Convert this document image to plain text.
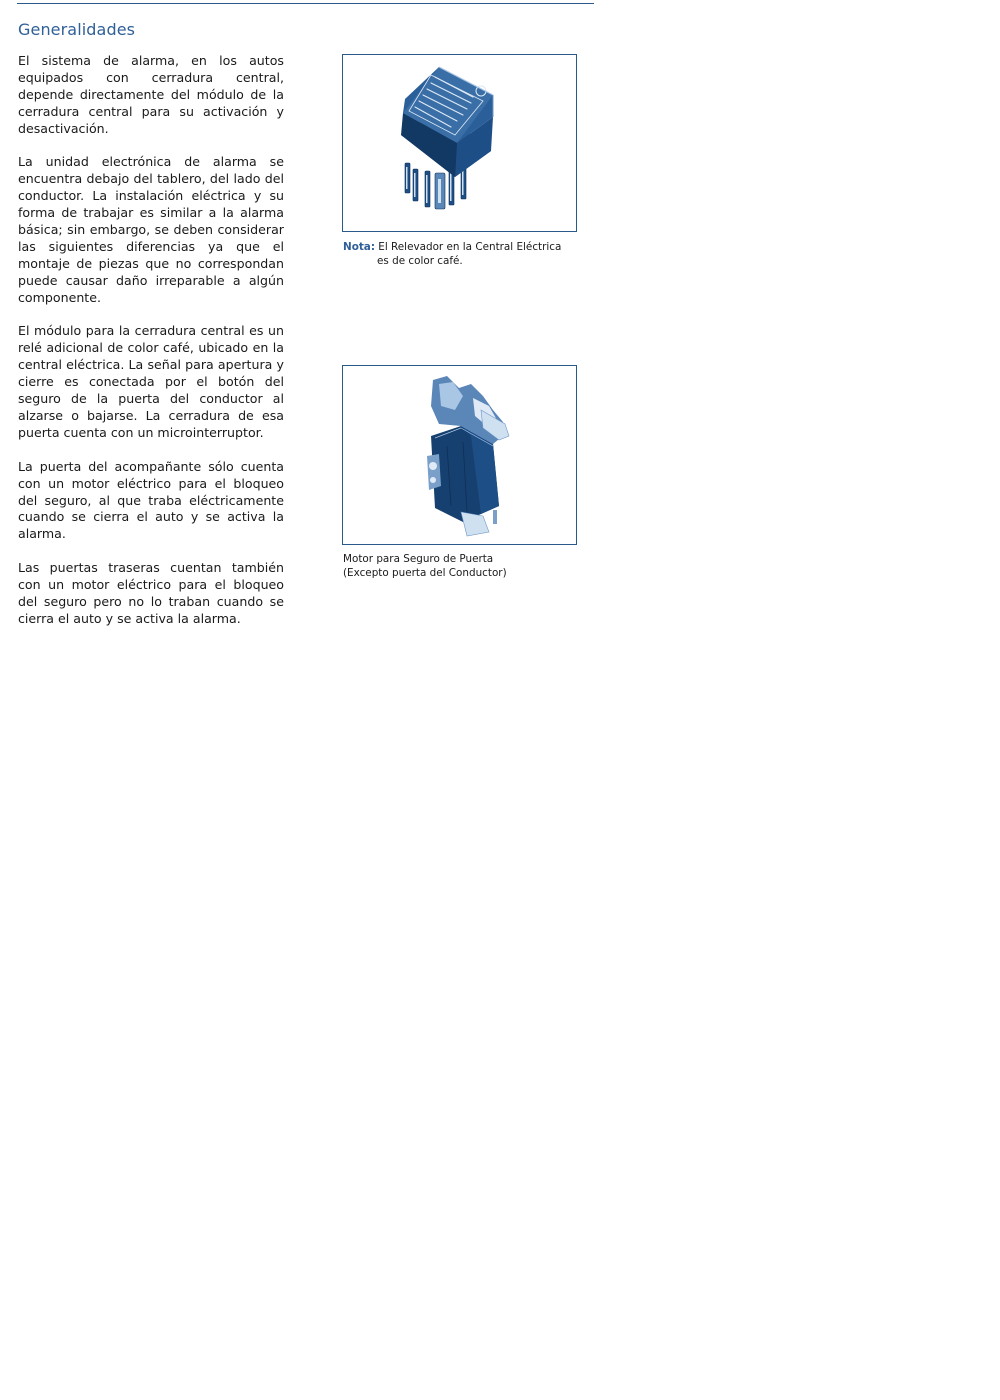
Generalidades

El sistema de alarma, en los autos equipados con cerradura central, depende directamente del módulo de la cerradura central para su activación y desactivación.

La unidad electrónica de alarma se encuentra debajo del tablero, del lado del conductor. La instalación eléctrica y su forma de trabajar es similar a la alarma básica; sin embargo, se deben considerar las siguientes diferencias ya que el montaje de piezas que no correspondan puede causar daño irreparable a algún componente.

El módulo para la cerradura central es un relé adicional de color café, ubicado en la central eléctrica. La señal para apertura y cierre es conectada por el botón del seguro de la puerta del conductor al alzarse o bajarse. La cerradura de esa puerta cuenta con un microinterruptor.

La puerta del acompañante sólo cuenta con un motor eléctrico para el bloqueo del seguro, al que traba eléctricamente cuando se cierra el auto y se activa la alarma.

Las puertas traseras cuentan también con un motor eléctrico para el bloqueo del seguro pero no lo traban cuando se cierra el auto y se activa la alarma.

Nota: El Relevador en la Central Eléctrica
es de color café.
Motor para Seguro de Puerta
(Excepto puerta del Conductor)
